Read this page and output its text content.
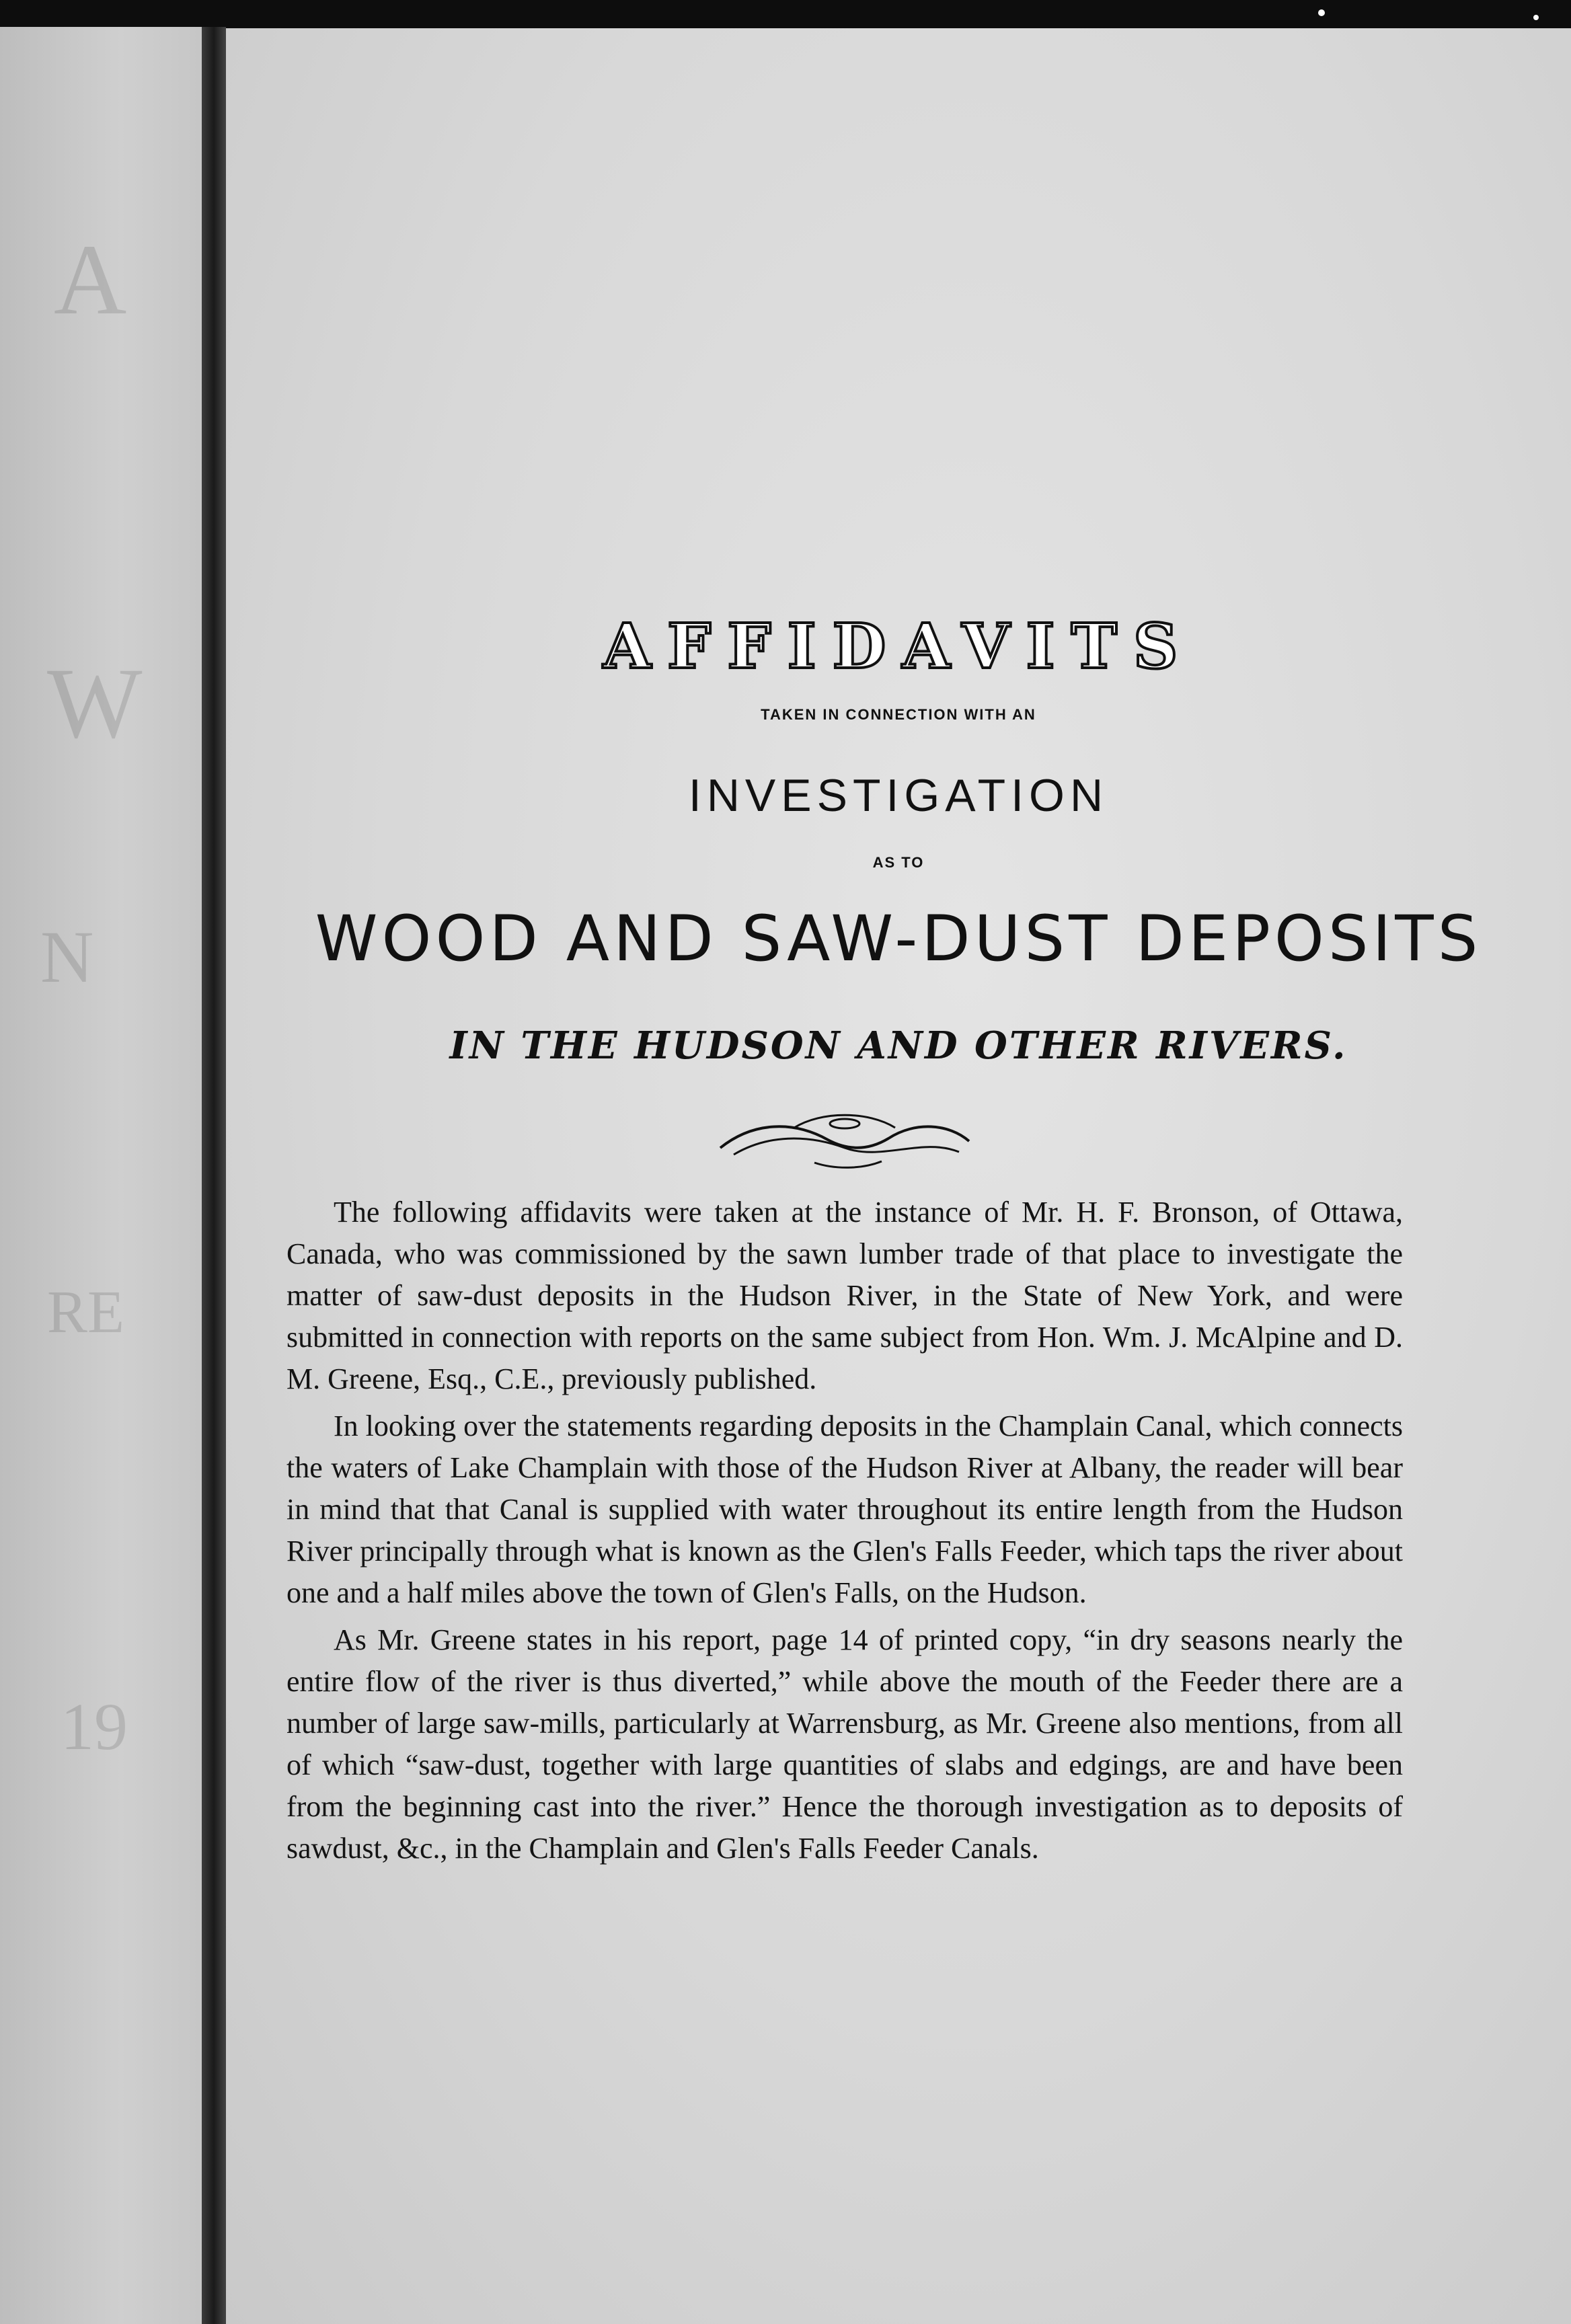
A
W
N
RE
19
AFFIDAVITS
TAKEN IN CONNECTION WITH AN
INVESTIGATION
AS TO
WOOD AND SAW-DUST DEPOSITS
IN THE HUDSON AND OTHER RIVERS.

The following affidavits were taken at the instance of Mr. H. F. Bronson, of Ottawa, Canada, who was commissioned by the sawn lumber trade of that place to investigate the matter of saw-dust deposits in the Hudson River, in the State of New York, and were submitted in connection with reports on the same subject from Hon. Wm. J. McAlpine and D. M. Greene, Esq., C.E., previously published.

In looking over the statements regarding deposits in the Champlain Canal, which connects the waters of Lake Champlain with those of the Hudson River at Albany, the reader will bear in mind that that Canal is supplied with water throughout its entire length from the Hudson River principally through what is known as the Glen's Falls Feeder, which taps the river about one and a half miles above the town of Glen's Falls, on the Hudson.

As Mr. Greene states in his report, page 14 of printed copy, “in dry seasons nearly the entire flow of the river is thus diverted,” while above the mouth of the Feeder there are a number of large saw-mills, particularly at Warrensburg, as Mr. Greene also mentions, from all of which “saw-dust, together with large quantities of slabs and edgings, are and have been from the beginning cast into the river.” Hence the thorough investigation as to deposits of sawdust, &c., in the Champlain and Glen's Falls Feeder Canals.
